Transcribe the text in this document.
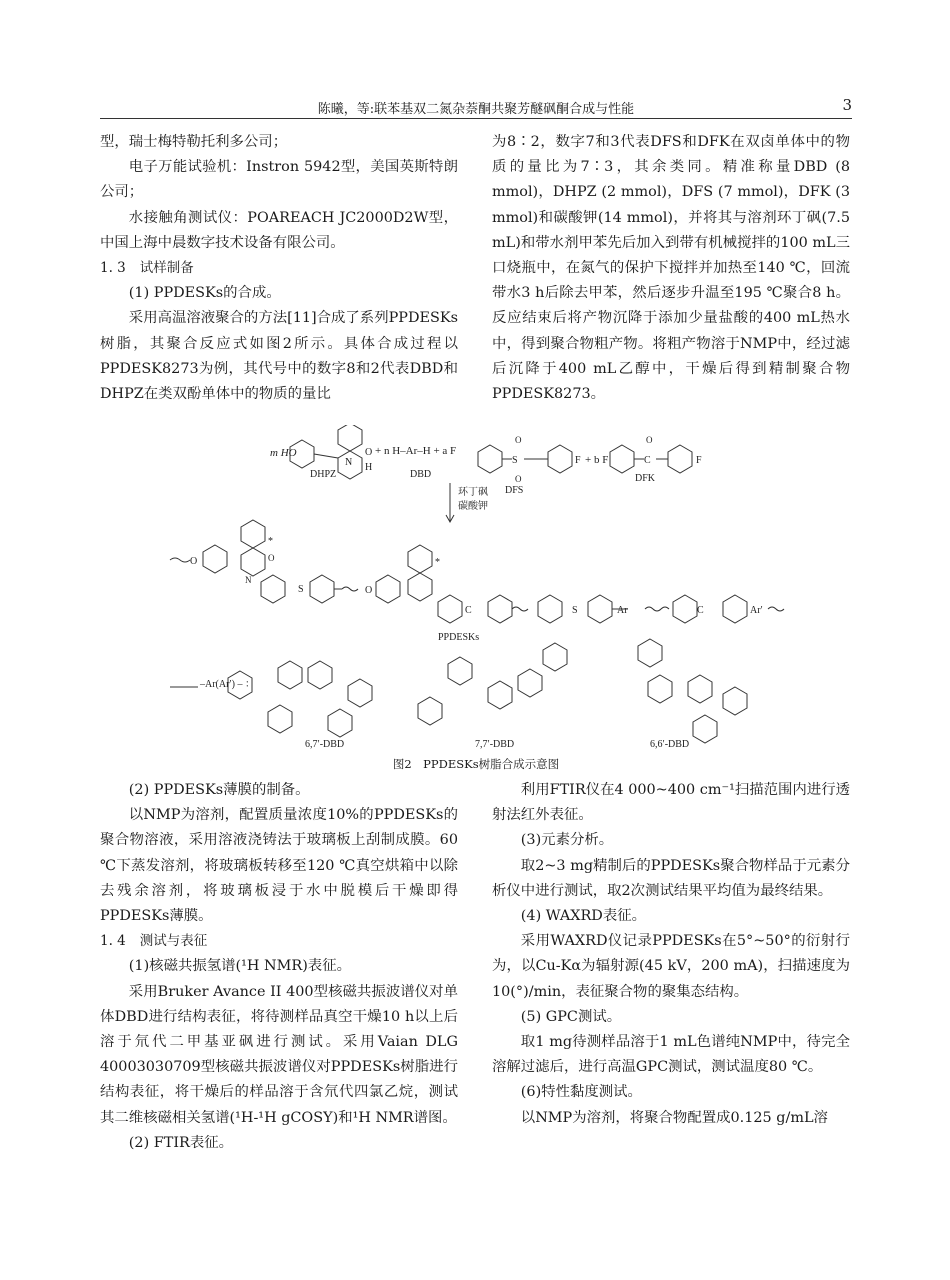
陈曦，等:联苯基双二氮杂萘酮共聚芳醚砜酮合成与性能	3

型，瑞士梅特勒托利多公司；

电子万能试验机：Instron 5942型，美国英斯特朗公司；

水接触角测试仪：POAREACH JC2000D2W型，中国上海中晨数字技术设备有限公司。

1. 3 试样制备

(1) PPDESKs的合成。

采用高温溶液聚合的方法[11]合成了系列PPDESKs树脂，其聚合反应式如图2所示。具体合成过程以PPDESK8273为例，其代号中的数字8和2代表DBD和DHPZ在类双酚单体中的物质的量比

为8∶2，数字7和3代表DFS和DFK在双卤单体中的物质的量比为7∶3，其余类同。精准称量DBD (8 mmol)，DHPZ (2 mmol)，DFS (7 mmol)，DFK (3 mmol)和碳酸钾(14 mmol)，并将其与溶剂环丁砜(7.5 mL)和带水剂甲苯先后加入到带有机械搅拌的100 mL三口烧瓶中，在氮气的保护下搅拌并加热至140 ℃，回流带水3 h后除去甲苯，然后逐步升温至195 ℃聚合8 h。反应结束后将产物沉降于添加少量盐酸的400 mL热水中，得到聚合物粗产物。将粗产物溶于NMP中，经过滤后沉降于400 mL乙醇中，干燥后得到精制聚合物PPDESK8273。

m HO
DHPZ
O
N H
+ n H–Ar–H + a F
DBD
S
O
O
DFS
F + b F	C
O
F
DFK
环丁砜
碳酸钾
O
*
O
N
S	O
*
C	S	Ar	C	Ar′
PPDESKs
–Ar(Ar′) – ：
6,7′-DBD	7,7′-DBD	6,6′-DBD
图2　PPDESKs树脂合成示意图

(2) PPDESKs薄膜的制备。

以NMP为溶剂，配置质量浓度10%的PPDESKs的聚合物溶液，采用溶液浇铸法于玻璃板上刮制成膜。60 ℃下蒸发溶剂，将玻璃板转移至120 ℃真空烘箱中以除去残余溶剂，将玻璃板浸于水中脱模后干燥即得PPDESKs薄膜。

1. 4 测试与表征

(1)核磁共振氢谱(¹H NMR)表征。

采用Bruker Avance II 400型核磁共振波谱仪对单体DBD进行结构表征，将待测样品真空干燥10 h以上后溶于氘代二甲基亚砜进行测试。采用Vaian DLG 40003030709型核磁共振波谱仪对PPDESKs树脂进行结构表征，将干燥后的样品溶于含氘代四氯乙烷，测试其二维核磁相关氢谱(¹H-¹H gCOSY)和¹H NMR谱图。

(2) FTIR表征。

利用FTIR仪在4 000~400 cm⁻¹扫描范围内进行透射法红外表征。

(3)元素分析。

取2~3 mg精制后的PPDESKs聚合物样品于元素分析仪中进行测试，取2次测试结果平均值为最终结果。

(4) WAXRD表征。

采用WAXRD仪记录PPDESKs在5°~50°的衍射行为，以Cu-Kα为辐射源(45 kV，200 mA)，扫描速度为10(°)/min，表征聚合物的聚集态结构。

(5) GPC测试。

取1 mg待测样品溶于1 mL色谱纯NMP中，待完全溶解过滤后，进行高温GPC测试，测试温度80 ℃。

(6)特性黏度测试。

以NMP为溶剂，将聚合物配置成0.125 g/mL溶
